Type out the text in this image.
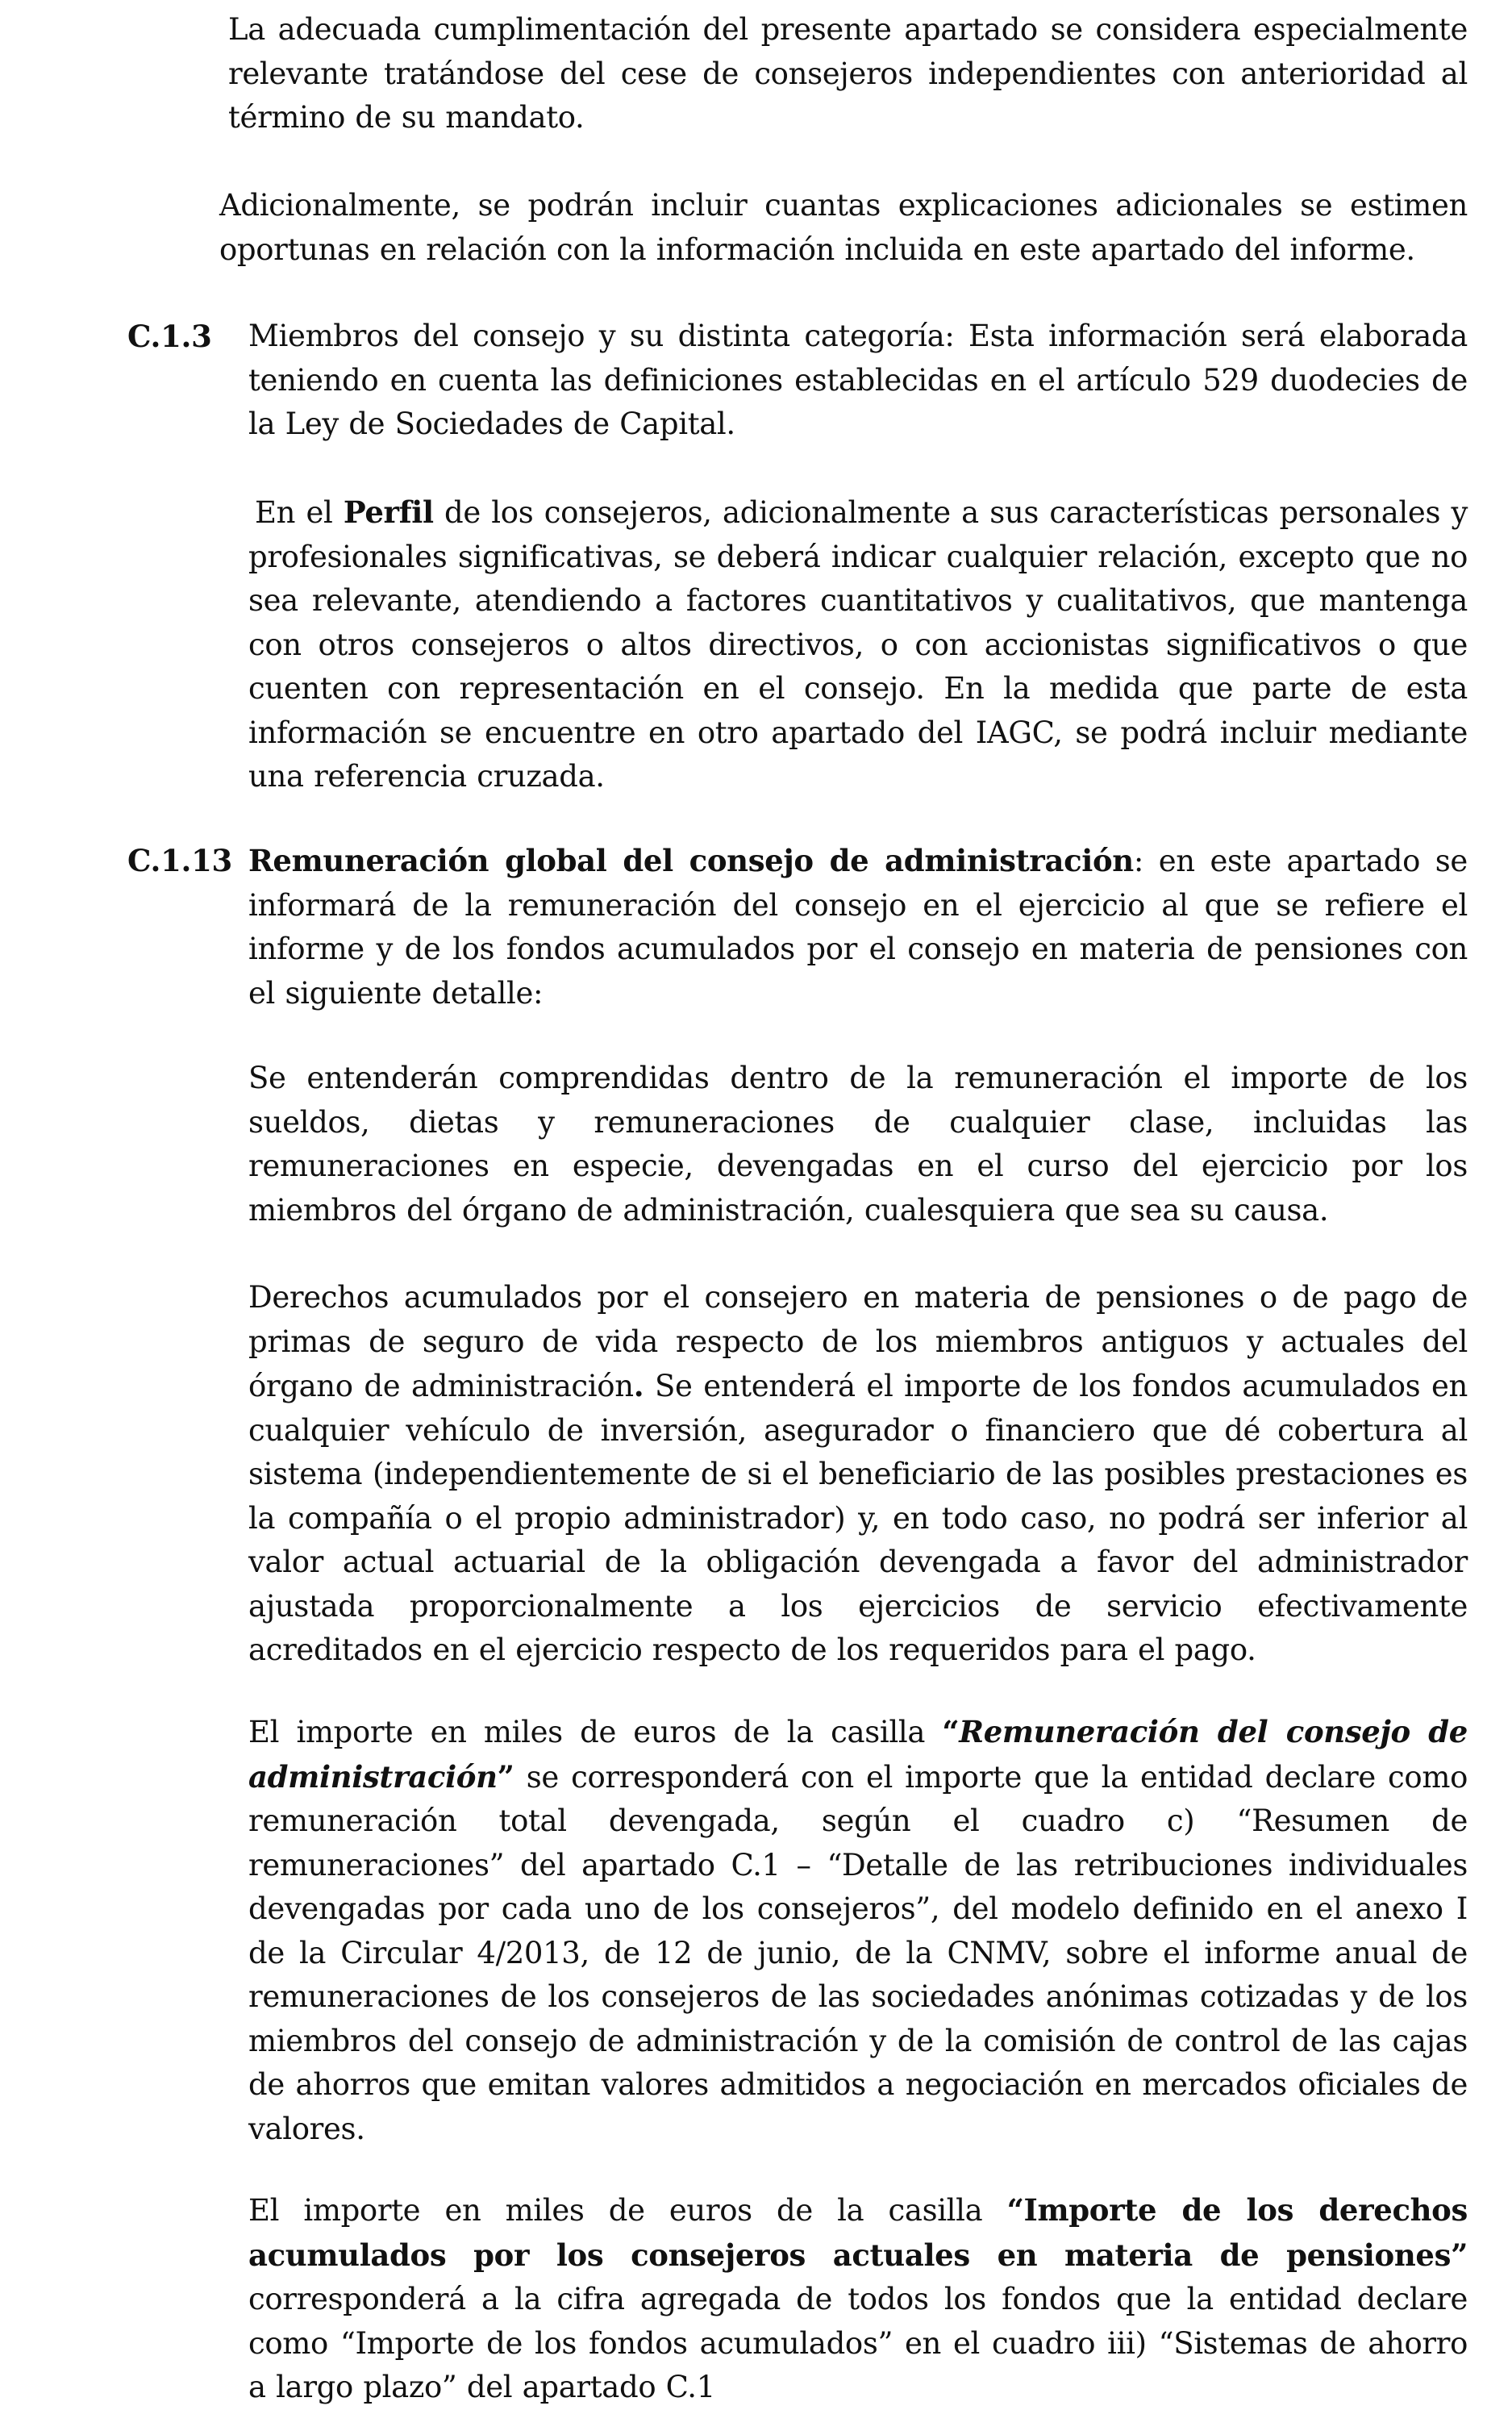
La adecuada cumplimentación del presente apartado se considera especialmente relevante tratándose del cese de consejeros independientes con anterioridad al término de su mandato.

Adicionalmente, se podrán incluir cuantas explicaciones adicionales se estimen oportunas en relación con la información incluida en este apartado del informe.

C.1.3 Miembros del consejo y su distinta categoría: Esta información será elaborada teniendo en cuenta las definiciones establecidas en el artículo 529 duodecies de la Ley de Sociedades de Capital.

En el Perfil de los consejeros, adicionalmente a sus características personales y profesionales significativas, se deberá indicar cualquier relación, excepto que no sea relevante, atendiendo a factores cuantitativos y cualitativos, que mantenga con otros consejeros o altos directivos, o con accionistas significativos o que cuenten con representación en el consejo. En la medida que parte de esta información se encuentre en otro apartado del IAGC, se podrá incluir mediante una referencia cruzada.

C.1.13 Remuneración global del consejo de administración: en este apartado se informará de la remuneración del consejo en el ejercicio al que se refiere el informe y de los fondos acumulados por el consejo en materia de pensiones con el siguiente detalle:

Se entenderán comprendidas dentro de la remuneración el importe de los sueldos, dietas y remuneraciones de cualquier clase, incluidas las remuneraciones en especie, devengadas en el curso del ejercicio por los miembros del órgano de administración, cualesquiera que sea su causa.

Derechos acumulados por el consejero en materia de pensiones o de pago de primas de seguro de vida respecto de los miembros antiguos y actuales del órgano de administración. Se entenderá el importe de los fondos acumulados en cualquier vehículo de inversión, asegurador o financiero que dé cobertura al sistema (independientemente de si el beneficiario de las posibles prestaciones es la compañía o el propio administrador) y, en todo caso, no podrá ser inferior al valor actual actuarial de la obligación devengada a favor del administrador ajustada proporcionalmente a los ejercicios de servicio efectivamente acreditados en el ejercicio respecto de los requeridos para el pago.

El importe en miles de euros de la casilla “Remuneración del consejo de administración” se corresponderá con el importe que la entidad declare como remuneración total devengada, según el cuadro c) “Resumen de remuneraciones” del apartado C.1 – “Detalle de las retribuciones individuales devengadas por cada uno de los consejeros”, del modelo definido en el anexo I de la Circular 4/2013, de 12 de junio, de la CNMV, sobre el informe anual de remuneraciones de los consejeros de las sociedades anónimas cotizadas y de los miembros del consejo de administración y de la comisión de control de las cajas de ahorros que emitan valores admitidos a negociación en mercados oficiales de valores.

El importe en miles de euros de la casilla “Importe de los derechos acumulados por los consejeros actuales en materia de pensiones” corresponderá a la cifra agregada de todos los fondos que la entidad declare como “Importe de los fondos acumulados” en el cuadro iii) “Sistemas de ahorro a largo plazo” del apartado C.1
